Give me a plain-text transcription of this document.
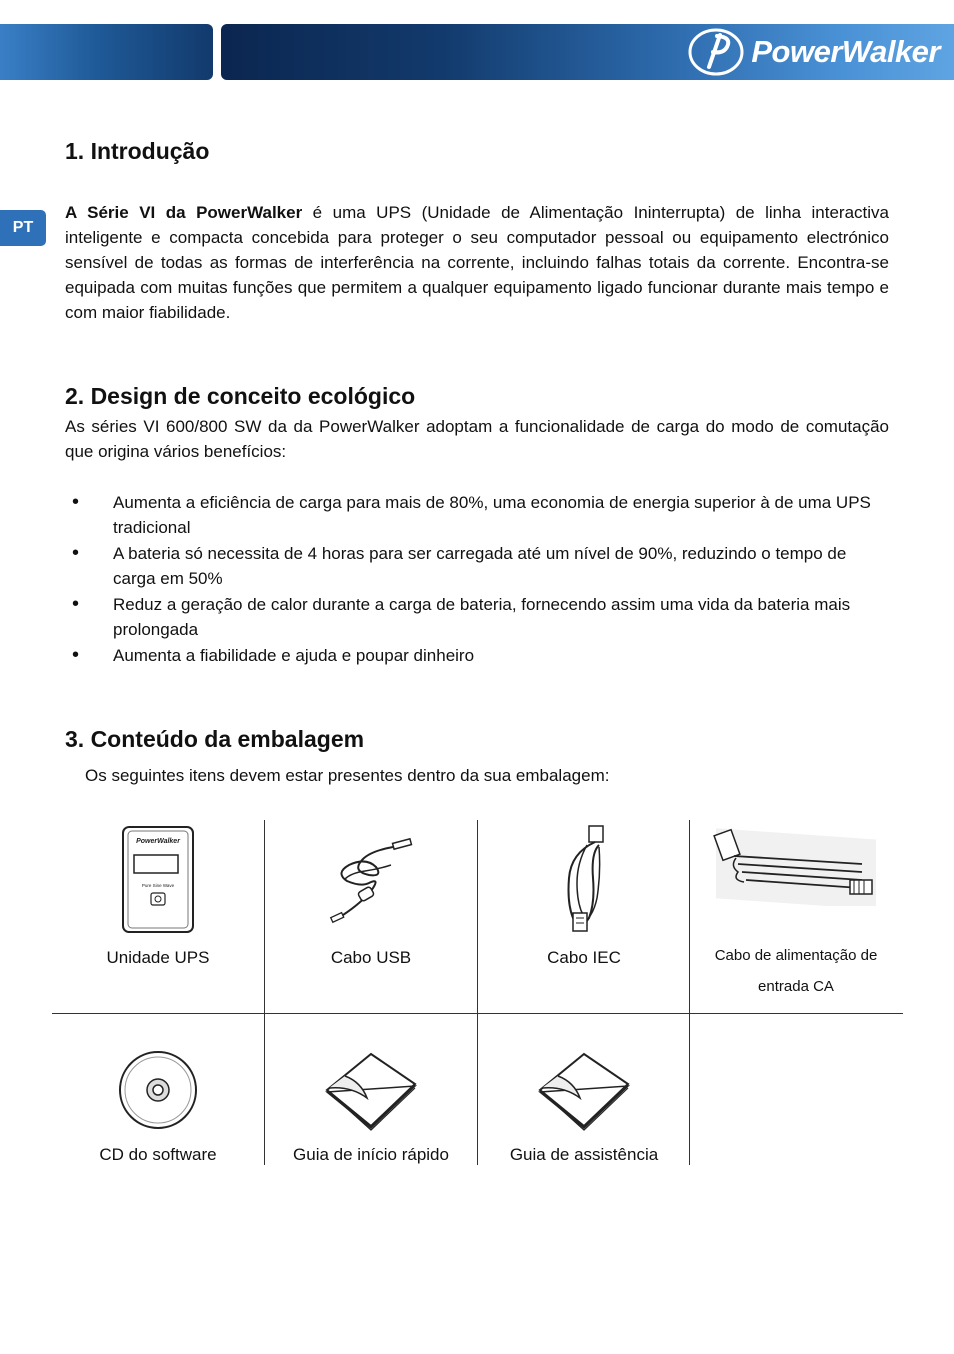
PowerWalker
PT
1. Introdução

A Série VI da PowerWalker é uma UPS (Unidade de Alimentação Ininterrupta) de linha interactiva inteligente e compacta concebida para proteger o seu computador pessoal ou equipamento electrónico sensível de todas as formas de interferência na corrente, incluindo falhas totais da corrente. Encontra-se equipada com muitas funções que permitem a qualquer equipamento ligado funcionar durante mais tempo e com maior fiabilidade.

2. Design de conceito ecológico

As séries VI 600/800 SW da da PowerWalker adoptam a funcionalidade de carga do modo de comutação que origina vários benefícios:

• Aumenta a eficiência de carga para mais de 80%, uma economia de energia superior à de uma UPS tradicional
• A bateria só necessita de 4 horas para ser carregada até um nível de 90%, reduzindo o tempo de carga em 50%
• Reduz a geração de calor durante a carga de bateria, fornecendo assim uma vida da bateria mais prolongada
• Aumenta a fiabilidade e ajuda e poupar dinheiro
3. Conteúdo da embalagem
Os seguintes itens devem estar presentes dentro da sua embalagem:
PowerWalker
Pure Sine Wave
Unidade UPS	Cabo USB	Cabo IEC	Cabo de alimentação de
entrada CA
CD do software	Guia de início rápido	Guia de assistência
